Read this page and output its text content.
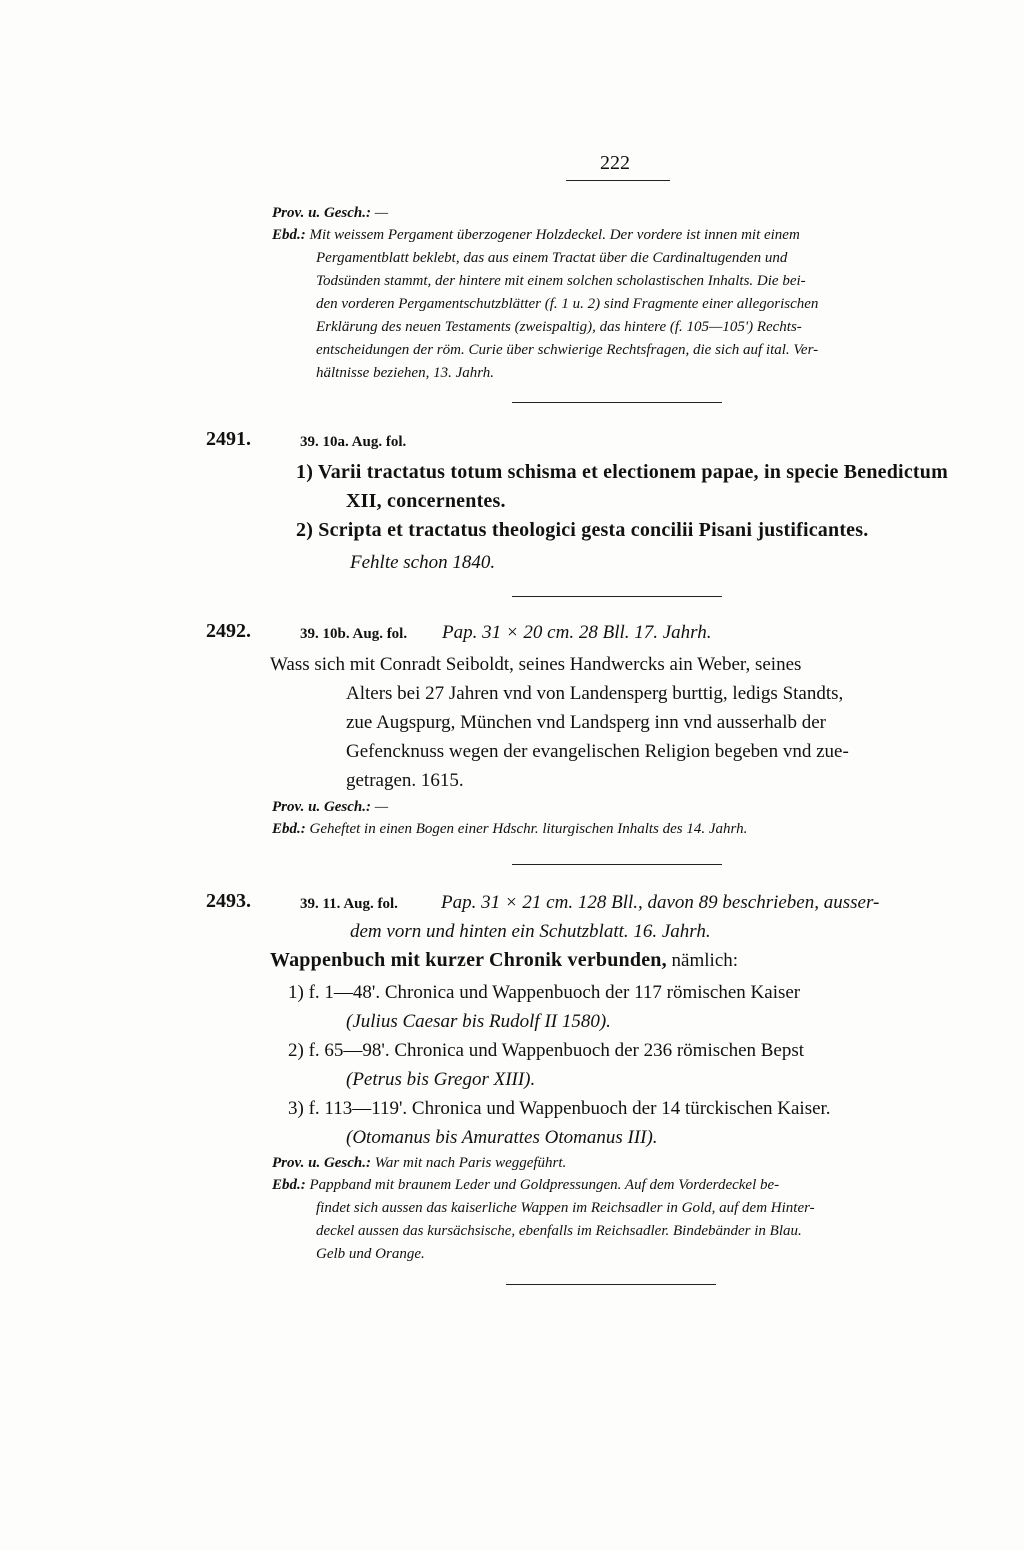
222
Prov. u. Gesch.: —
Ebd.: Mit weissem Pergament überzogener Holzdeckel. Der vordere ist innen mit einem
Pergamentblatt beklebt, das aus einem Tractat über die Cardinaltugenden und
Todsünden stammt, der hintere mit einem solchen scholastischen Inhalts. Die bei-
den vorderen Pergamentschutzblätter (f. 1 u. 2) sind Fragmente einer allegorischen
Erklärung des neuen Testaments (zweispaltig), das hintere (f. 105—105') Rechts-
entscheidungen der röm. Curie über schwierige Rechtsfragen, die sich auf ital. Ver-
hältnisse beziehen, 13. Jahrh.
2491.	39. 10a. Aug. fol.
1) Varii tractatus totum schisma et electionem papae, in specie Benedictum
XII, concernentes.
2) Scripta et tractatus theologici gesta concilii Pisani justificantes.
Fehlte schon 1840.
2492.	39. 10b. Aug. fol. Pap. 31 × 20 cm. 28 Bll. 17. Jahrh.
Wass sich mit Conradt Seiboldt, seines Handwercks ain Weber, seines
Alters bei 27 Jahren vnd von Landensperg burttig, ledigs Standts,
zue Augspurg, München vnd Landsperg inn vnd ausserhalb der
Gefencknuss wegen der evangelischen Religion begeben vnd zue-
getragen. 1615.
Prov. u. Gesch.: —
Ebd.: Geheftet in einen Bogen einer Hdschr. liturgischen Inhalts des 14. Jahrh.
2493.	39. 11. Aug. fol. Pap. 31 × 21 cm. 128 Bll., davon 89 beschrieben, ausser-
dem vorn und hinten ein Schutzblatt. 16. Jahrh.
Wappenbuch mit kurzer Chronik verbunden, nämlich:
1) f. 1—48'. Chronica und Wappenbuoch der 117 römischen Kaiser
(Julius Caesar bis Rudolf II 1580).
2) f. 65—98'. Chronica und Wappenbuoch der 236 römischen Bepst
(Petrus bis Gregor XIII).
3) f. 113—119'. Chronica und Wappenbuoch der 14 türckischen Kaiser.
(Otomanus bis Amurattes Otomanus III).
Prov. u. Gesch.: War mit nach Paris weggeführt.
Ebd.: Pappband mit braunem Leder und Goldpressungen. Auf dem Vorderdeckel be-
findet sich aussen das kaiserliche Wappen im Reichsadler in Gold, auf dem Hinter-
deckel aussen das kursächsische, ebenfalls im Reichsadler. Bindebänder in Blau.
Gelb und Orange.
